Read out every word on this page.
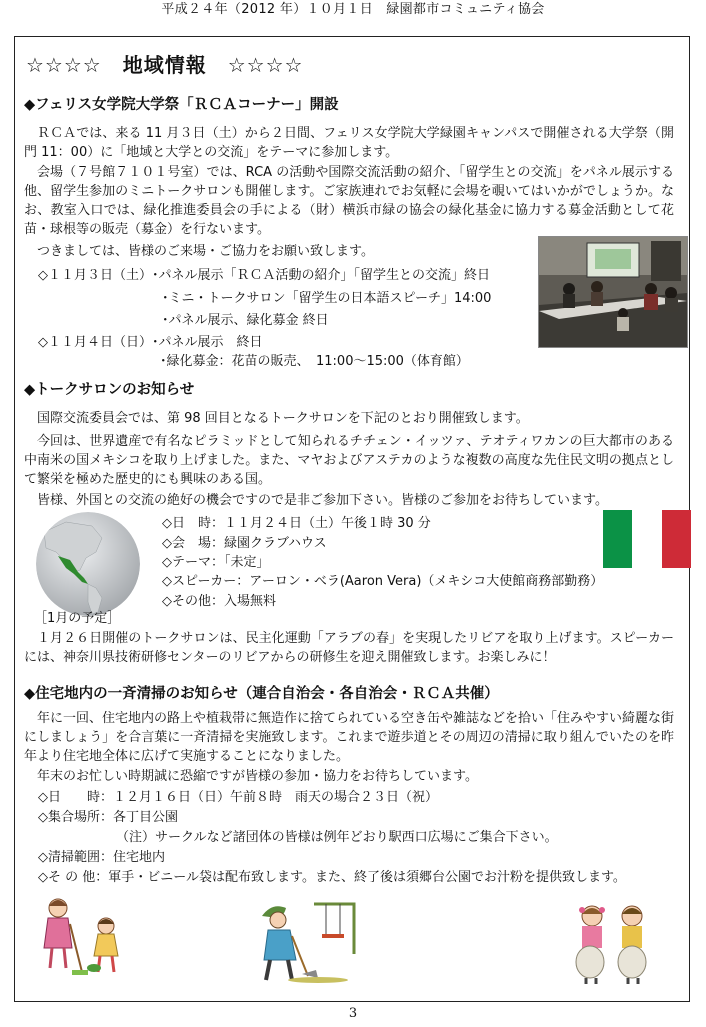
平成２４年（2012 年）１０月１日　緑園都市コミュニティ協会
☆☆☆☆　地域情報　☆☆☆☆
◆フェリス女学院大学祭「ＲＣＡコーナー」開設
ＲＣＡでは、来る 11 月３日（土）から２日間、フェリス女学院大学緑園キャンパスで開催される大学祭（開門 11：00）に「地域と大学との交流」をテーマに参加します。
会場（７号館７１０１号室）では、RCA の活動や国際交流活動の紹介、「留学生との交流」をパネル展示する他、留学生参加のミニトークサロンも開催します。ご家族連れでお気軽に会場を覗いてはいかがでしょうか。なお、教室入口では、緑化推進委員会の手による（財）横浜市緑の協会の緑化基金に協力する募金活動として花苗・球根等の販売（募金）を行ないます。
つきましては、皆様のご来場・ご協力をお願い致します。
◇１１月３日（土）･パネル展示「ＲＣＡ活動の紹介」｢留学生との交流」終日
･ミニ・トークサロン「留学生の日本語スピーチ」14:00
･パネル展示、緑化募金 終日
◇１１月４日（日）･パネル展示　終日
･緑化募金：花苗の販売、　11:00～15:00（体育館）
◆トークサロンのお知らせ
国際交流委員会では、第 98 回目となるトークサロンを下記のとおり開催致します。
今回は、世界遺産で有名なピラミッドとして知られるチチェン・イッツァ、テオティワカンの巨大都市のある中南米の国メキシコを取り上げました。また、マヤおよびアステカのような複数の高度な先住民文明の拠点として繁栄を極めた歴史的にも興味のある国。
皆様、外国との交流の絶好の機会ですので是非ご参加下さい。皆様のご参加をお待ちしています。
◇日　時：１１月２４日（土）午後１時 30 分
◇会　場：緑園クラブハウス
◇テーマ：｢未定」
◇スピーカー：アーロン・ベラ(Aaron Vera)（メキシコ大使館商務部勤務）
◇その他：入場無料
［1月の予定］
１月２６日開催のトークサロンは、民主化運動「アラブの春」を実現したリビアを取り上げます。スピーカーには、神奈川県技術研修センターのリビアからの研修生を迎え開催致します。お楽しみに！
◆住宅地内の一斉清掃のお知らせ（連合自治会・各自治会・ＲＣＡ共催）
年に一回、住宅地内の路上や植栽帯に無造作に捨てられている空き缶や雑誌などを拾い「住みやすい綺麗な街にしましょう」を合言葉に一斉清掃を実施致します。これまで遊歩道とその周辺の清掃に取り組んでいたのを昨年より住宅地全体に広げて実施することになりました。
年末のお忙しい時期誠に恐縮ですが皆様の参加・協力をお待ちしています。
◇日　　時：１２月１６日（日）午前８時　雨天の場合２３日（祝）
◇集合場所：各丁目公園
（注）サークルなど諸団体の皆様は例年どおり駅西口広場にご集合下さい。
◇清掃範囲：住宅地内
◇そ の 他：軍手・ビニール袋は配布致します。また、終了後は須郷台公園でお汁粉を提供致します。
3
